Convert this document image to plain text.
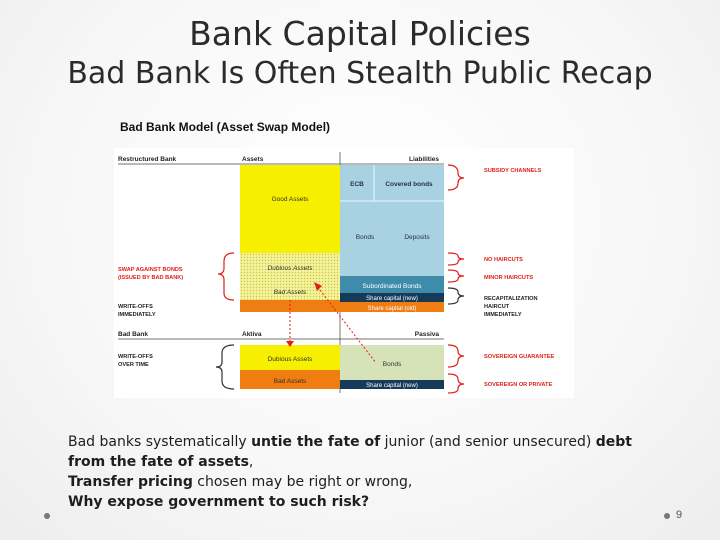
Bank Capital Policies
Bad Bank Is Often Stealth Public Recap
Bad Bank Model (Asset Swap Model)
Restructured Bank	Assets	Liabilities
Good Assets
Dubious Assets
Bad Assets
ECB	Covered bonds
Bonds	Deposits
Subordinated Bonds
Share capital (new)
Share capital (old)
Bad Bank	Aktiva	Passiva
Dubious Assets
Bad Assets
Bonds
Share capital (new)
SWAP AGAINST BONDS
(ISSUED BY BAD BANK)
WRITE-OFFS
IMMEDIATELY
WRITE-OFFS
OVER TIME
SUBSIDY CHANNELS
NO HAIRCUTS
MINOR HAIRCUTS
RECAPITALIZATION
HAIRCUT
IMMEDIATELY
SOVEREIGN GUARANTEE
SOVEREIGN OR PRIVATE

Bad banks systematically untie the fate of junior (and senior unsecured) debt

from the fate of assets,

Transfer pricing chosen may be right or wrong,

Why expose government to such risk?

9
